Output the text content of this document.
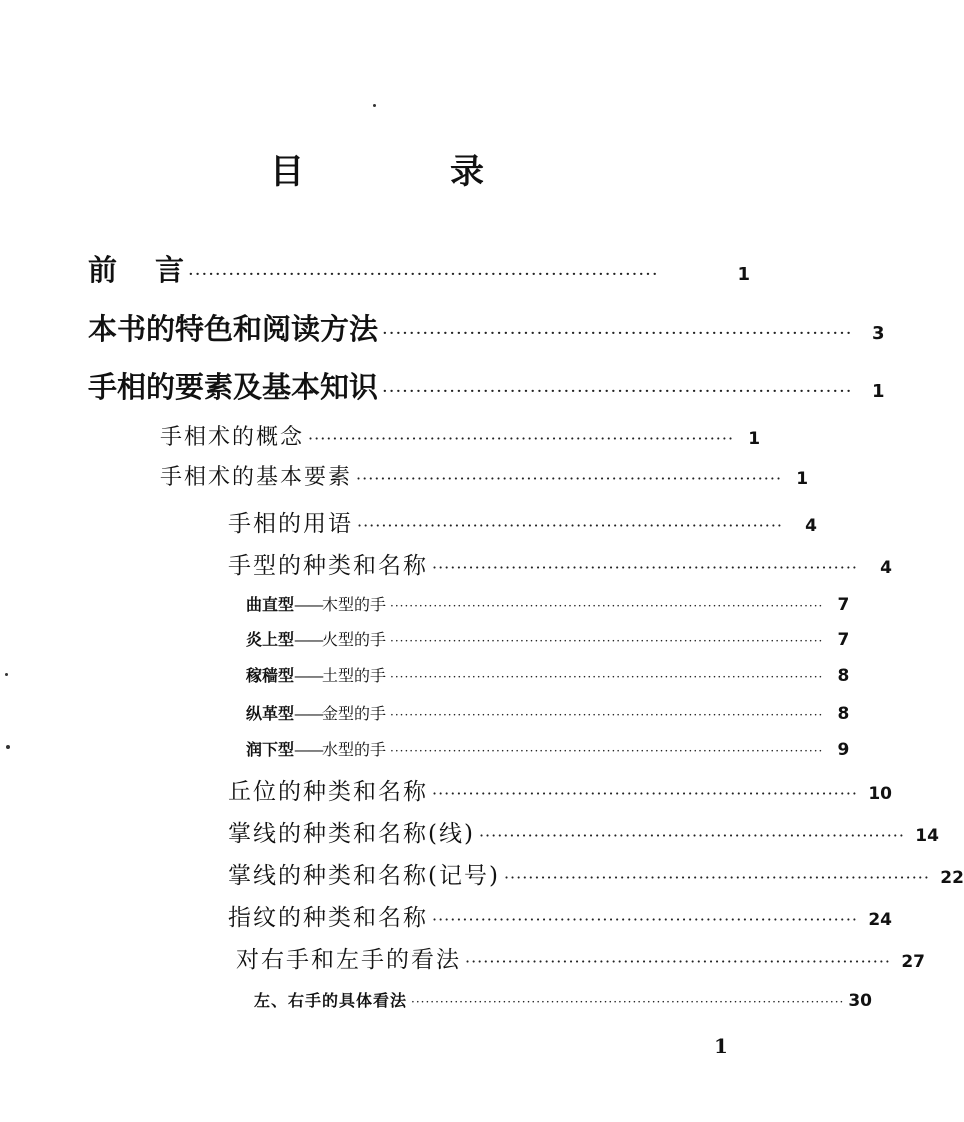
目	录
前 言 ······································································	1
本书的特色和阅读方法 ······································································	3
手相的要素及基本知识 ······································································	1
手相术的概念 ······································································ 1
手相术的基本要素 ······································································ 1
手相的用语 ······································································	4
手型的种类和名称 ······································································	4
曲直型——木型的手 ·························································································· 7
炎上型——火型的手 ·························································································· 7
稼穑型——土型的手 ·························································································· 8
纵革型——金型的手 ·························································································· 8
润下型——水型的手 ·························································································· 9
丘位的种类和名称 ······································································ 10
掌线的种类和名称(线) ······································································ 14
掌线的种类和名称(记号) ······································································ 22
指纹的种类和名称 ······································································ 24
对右手和左手的看法 ······································································ 27
左、右手的具体看法 ·························································································· 30
1
